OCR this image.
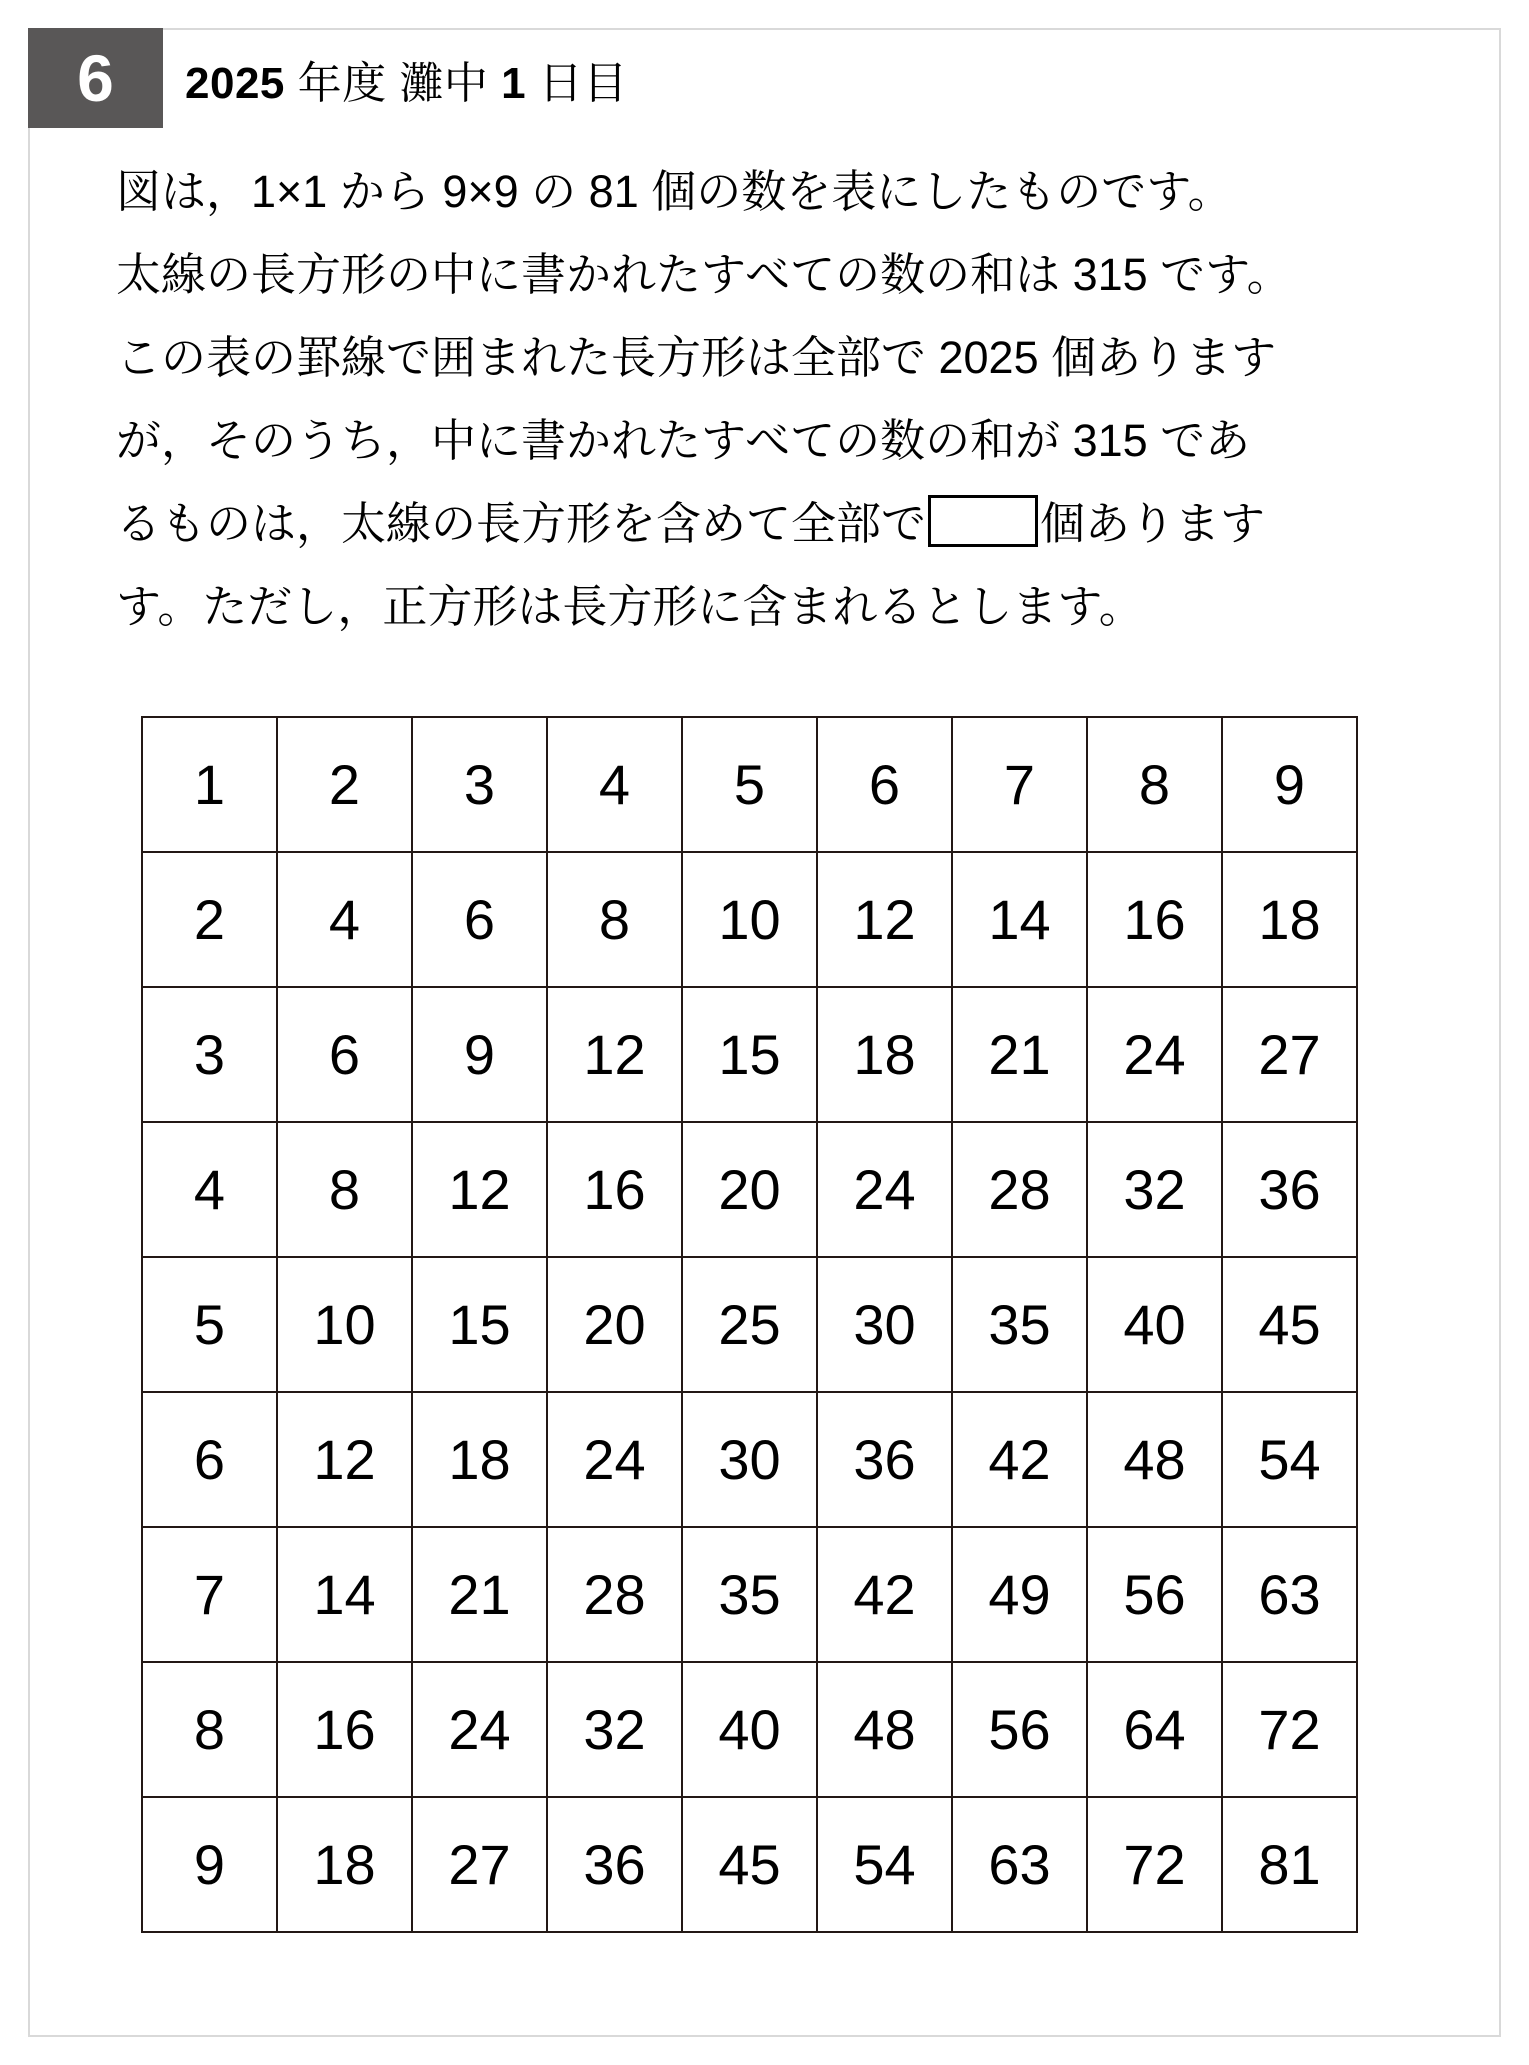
6	2025 年度 灘中 1 日目
図は，1×1 から 9×9 の 81 個の数を表にしたものです。
太線の長方形の中に書かれたすべての数の和は 315 です。
この表の罫線で囲まれた長方形は全部で 2025 個あります
が，そのうち，中に書かれたすべての数の和が 315 であ
るものは，太線の長方形を含めて全部で	個あります
す。ただし，正方形は長方形に含まれるとします。
1	2	3	4	5	6	7	8	9
2	4	6	8	10	12	14	16	18
3	6	9	12	15	18	21	24	27
4	8	12	16	20	24	28	32	36
5	10	15	20	25	30	35	40	45
6	12	18	24	30	36	42	48	54
7	14	21	28	35	42	49	56	63
8	16	24	32	40	48	56	64	72
9	18	27	36	45	54	63	72	81
